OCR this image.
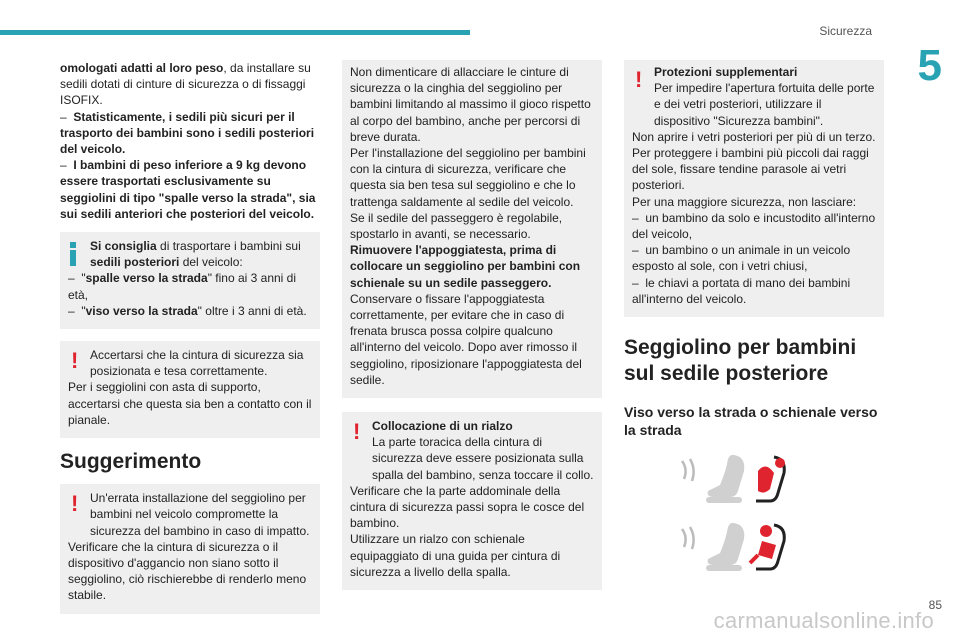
Sicurezza
5

omologati adatti al loro peso, da installare su sedili dotati di cinture di sicurezza o di fissaggi ISOFIX.

–  Statisticamente, i sedili più sicuri per il trasporto dei bambini sono i sedili posteriori del veicolo.

–  I bambini di peso inferiore a 9 kg devono essere trasportati esclusivamente su seggiolini di tipo "spalle verso la strada", sia sui sedili anteriori che posteriori del veicolo.

Si consiglia di trasportare i bambini sui sedili posteriori del veicolo:

–  "spalle verso la strada" fino ai 3 anni di età,

–  "viso verso la strada" oltre i 3 anni di età.

! Accertarsi che la cintura di sicurezza sia posizionata e tesa correttamente.

Per i seggiolini con asta di supporto, accertarsi che questa sia ben a contatto con il pianale.

Suggerimento
! Un'errata installazione del seggiolino per bambini nel veicolo compromette la sicurezza del bambino in caso di impatto.

Verificare che la cintura di sicurezza o il dispositivo d'aggancio non siano sotto il seggiolino, ciò rischierebbe di renderlo meno stabile.

Non dimenticare di allacciare le cinture di sicurezza o la cinghia del seggiolino per bambini limitando al massimo il gioco rispetto al corpo del bambino, anche per percorsi di breve durata.

Per l'installazione del seggiolino per bambini con la cintura di sicurezza, verificare che questa sia ben tesa sul seggiolino e che lo trattenga saldamente al sedile del veicolo.

Se il sedile del passeggero è regolabile, spostarlo in avanti, se necessario.

Rimuovere l'appoggiatesta, prima di collocare un seggiolino per bambini con schienale su un sedile passeggero.

Conservare o fissare l'appoggiatesta correttamente, per evitare che in caso di frenata brusca possa colpire qualcuno all'interno del veicolo. Dopo aver rimosso il seggiolino, riposizionare l'appoggiatesta del sedile.

! Collocazione di un rialzo

La parte toracica della cintura di sicurezza deve essere posizionata sulla spalla del bambino, senza toccare il collo.

Verificare che la parte addominale della cintura di sicurezza passi sopra le cosce del bambino.

Utilizzare un rialzo con schienale equipaggiato di una guida per cintura di sicurezza a livello della spalla.

! Protezioni supplementari

Per impedire l'apertura fortuita delle porte e dei vetri posteriori, utilizzare il dispositivo "Sicurezza bambini".

Non aprire i vetri posteriori per più di un terzo.

Per proteggere i bambini più piccoli dai raggi del sole, fissare tendine parasole ai vetri posteriori.

Per una maggiore sicurezza, non lasciare:

–  un bambino da solo e incustodito all'interno del veicolo,

–  un bambino o un animale in un veicolo esposto al sole, con i vetri chiusi,

–  le chiavi a portata di mano dei bambini all'interno del veicolo.

Seggiolino per bambini sul sedile posteriore
Viso verso la strada o schienale verso la strada
85
carmanualsonline.info
